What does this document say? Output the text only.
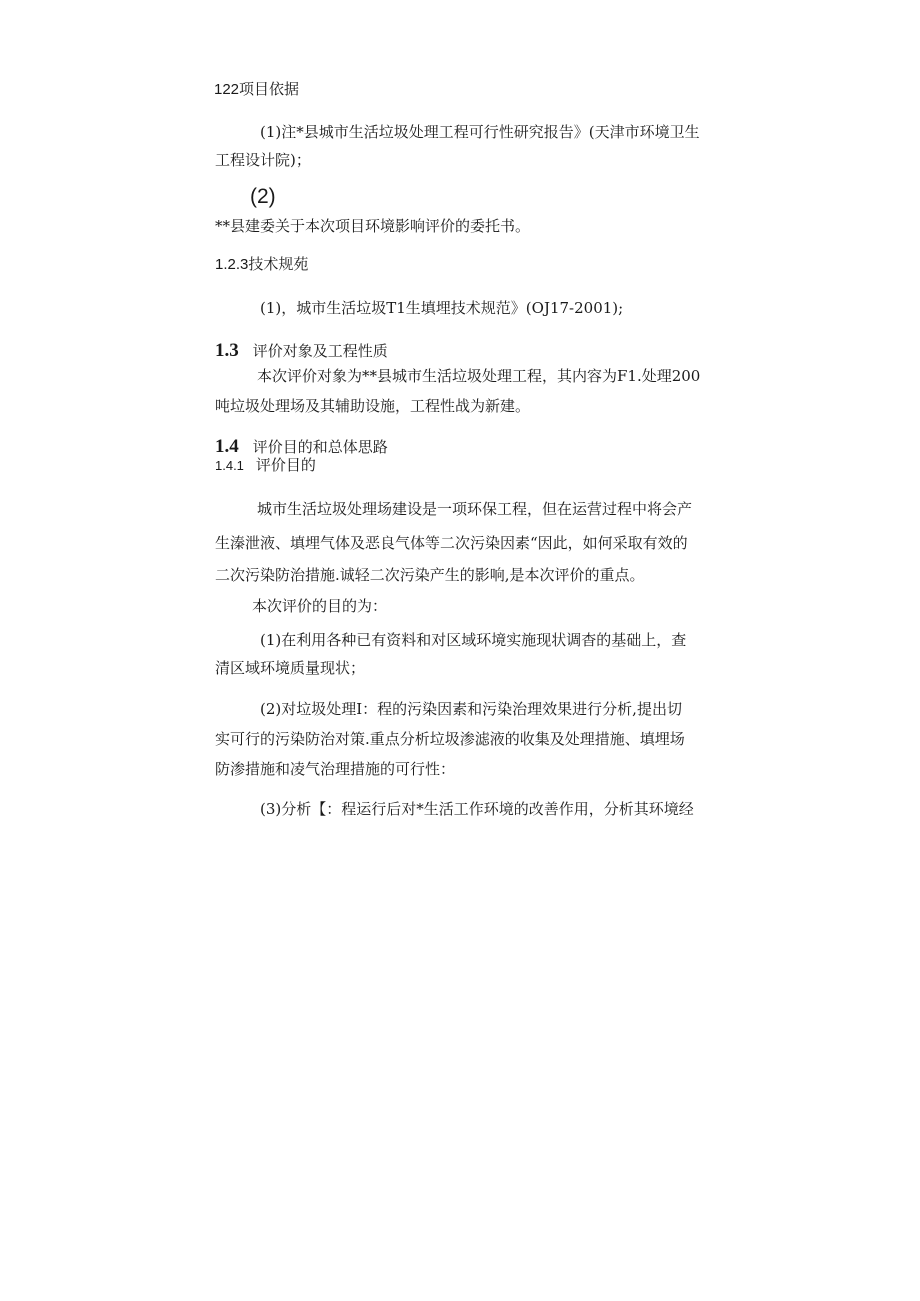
122项目依据
(1)注*县城市生活垃圾处理工程可行性研究报告》(天津市环境卫生
工程设计院)；
(2)
**县建委关于本次项目环境影响评价的委托书。
1.2.3技术规苑
(1)，城市生活垃圾T1生填埋技术规范》(OJ17-2001);
1.3 评价对象及工程性质
本次评价对象为**县城市生活垃圾处理工程，其内容为F1.处理200
吨垃圾处理场及其辅助设施，工程性战为新建。
1.4 评价目的和总体思路
1.4.1 评价目的
城市生活垃圾处理场建设是一项环保工程，但在运营过程中将会产
生溱泄液、填埋气体及恶良气体等二次污染因素“因此，如何采取有效的
二次污染防治措施.诚轻二次污染产生的影响,是本次评价的重点。
本次评价的目的为：
(1)在利用各种已有资料和对区域环境实施现状调杳的基础上，查
清区域环境质量现状；
(2)对垃圾处理I：程的污染因素和污染治理效果进行分析,提出切
实可行的污染防治对策.重点分析垃圾渗滤液的收集及处理措施、填埋场
防渗措施和凌气治理措施的可行性：
(3)分析【：程运行后对*生活工作环境的改善作用，分析其环境经
